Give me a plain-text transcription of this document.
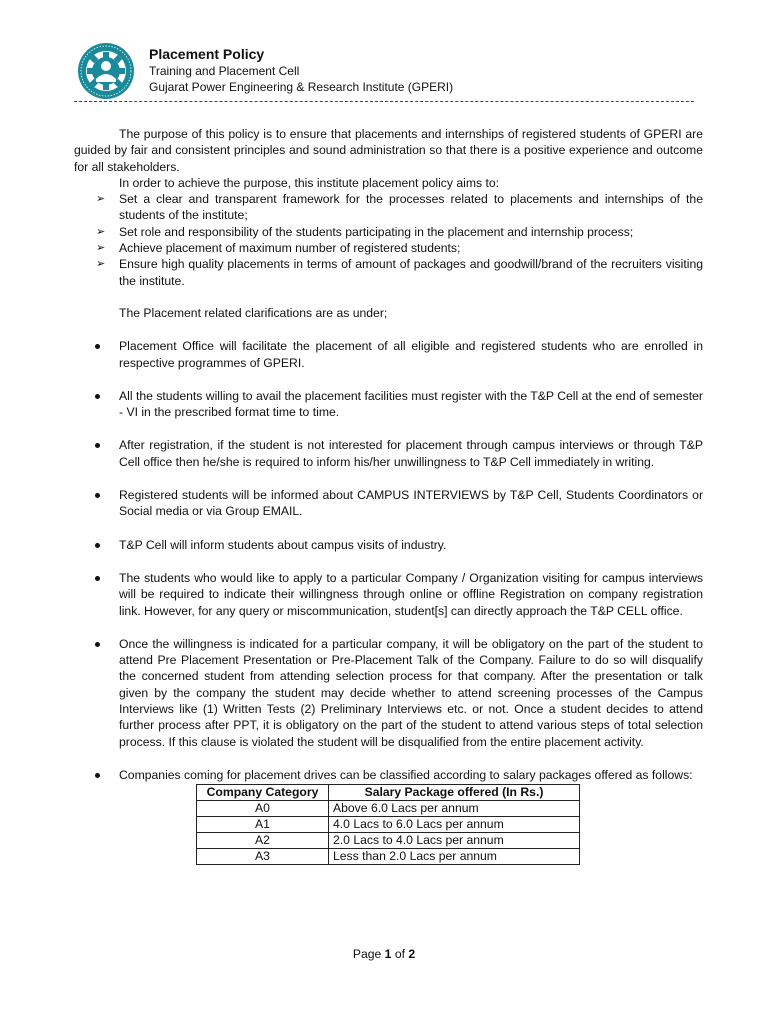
Placement Policy
Training and Placement Cell
Gujarat Power Engineering & Research Institute (GPERI)

The purpose of this policy is to ensure that placements and internships of registered students of GPERI are guided by fair and consistent principles and sound administration so that there is a positive experience and outcome for all stakeholders.

In order to achieve the purpose, this institute placement policy aims to:

➢ Set a clear and transparent framework for the processes related to placements and internships of the students of the institute;
➢ Set role and responsibility of the students participating in the placement and internship process;
➢ Achieve placement of maximum number of registered students;
➢ Ensure high quality placements in terms of amount of packages and goodwill/brand of the recruiters visiting the institute.

The Placement related clarifications are as under;

Placement Office will facilitate the placement of all eligible and registered students who are enrolled in respective programmes of GPERI.
All the students willing to avail the placement facilities must register with the T&P Cell at the end of semester - VI in the prescribed format time to time.
After registration, if the student is not interested for placement through campus interviews or through T&P Cell office then he/she is required to inform his/her unwillingness to T&P Cell immediately in writing.
Registered students will be informed about CAMPUS INTERVIEWS by T&P Cell, Students Coordinators or Social media or via Group EMAIL.
T&P Cell will inform students about campus visits of industry.
The students who would like to apply to a particular Company / Organization visiting for campus interviews will be required to indicate their willingness through online or offline Registration on company registration link. However, for any query or miscommunication, student[s] can directly approach the T&P CELL office.
Once the willingness is indicated for a particular company, it will be obligatory on the part of the student to attend Pre Placement Presentation or Pre-Placement Talk of the Company. Failure to do so will disqualify the concerned student from attending selection process for that company. After the presentation or talk given by the company the student may decide whether to attend screening processes of the Campus Interviews like (1) Written Tests (2) Preliminary Interviews etc. or not. Once a student decides to attend further process after PPT, it is obligatory on the part of the student to attend various steps of total selection process. If this clause is violated the student will be disqualified from the entire placement activity.
Companies coming for placement drives can be classified according to salary packages offered as follows:
Company Category	Salary Package offered (In Rs.)
A0	Above 6.0 Lacs per annum
A1	4.0 Lacs to 6.0 Lacs per annum
A2	2.0 Lacs to 4.0 Lacs per annum
A3	Less than 2.0 Lacs per annum
Page 1 of 2
